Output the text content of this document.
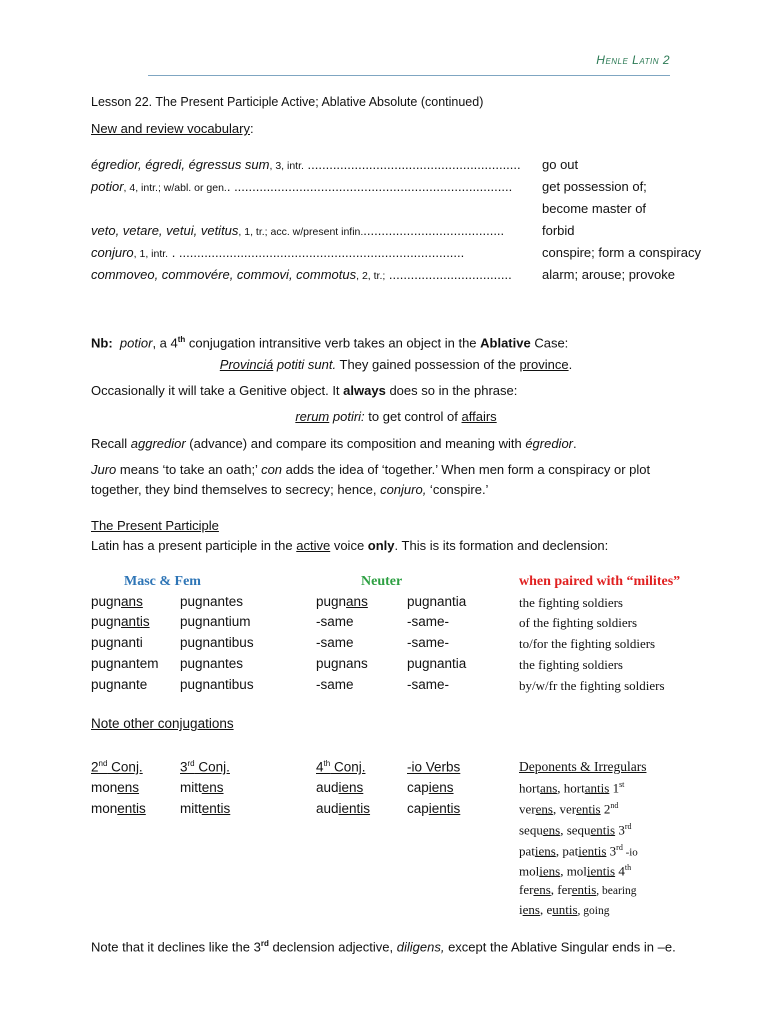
Henle Latin 2
Lesson 22. The Present Participle Active; Ablative Absolute (continued)
New and review vocabulary:
égredior, égredi, égressus sum, 3, intr. ........................................................... go out
potior, 4, intr.; w/abl. or gen.. ............................................................................. get possession of;
become master of
veto, vetare, vetui, vetitus, 1, tr.; acc. w/present infin........................................	forbid
conjuro, 1, intr. . ...............................................................................	conspire; form a conspiracy
commoveo, commovére, commovi, commotus, 2, tr.; .................................. alarm; arouse; provoke
Nb: potior, a 4th conjugation intransitive verb takes an object in the Ablative Case:
Provinciá potiti sunt. They gained possession of the province.
Occasionally it will take a Genitive object. It always does so in the phrase:
rerum potiri: to get control of affairs
Recall aggredior (advance) and compare its composition and meaning with égredior.
Juro means ‘to take an oath;’ con adds the idea of ‘together.’ When men form a conspiracy or plot together, they bind themselves to secrecy; hence, conjuro, ‘conspire.’
The Present Participle
Latin has a present participle in the active voice only. This is its formation and declension:
Masc & Fem	Neuter	when paired with “milites”
pugnans	pugnantes	pugnans	pugnantia	the fighting soldiers
pugnantis pugnantium	-same	-same-	of the fighting soldiers
pugnanti	pugnantibus	-same	-same-	to/for the fighting soldiers
pugnantem pugnantes	pugnans	pugnantia	the fighting soldiers
pugnante pugnantibus	-same	-same-	by/w/fr the fighting soldiers
Note other conjugations
2nd Conj.	3rd Conj.	4th Conj.	-io Verbs	Deponents & Irregulars
monens	mittens	audiens	capiens
monentis	mittentis	audientis	capientis
hortans, hortantis 1st
verens, verentis 2nd
sequens, sequentis 3rd
patiens, patientis 3rd -io
moliens, molientis 4th
ferens, ferentis, bearing
iens, euntis, going
Note that it declines like the 3rd declension adjective, diligens, except the Ablative Singular ends in –e.
